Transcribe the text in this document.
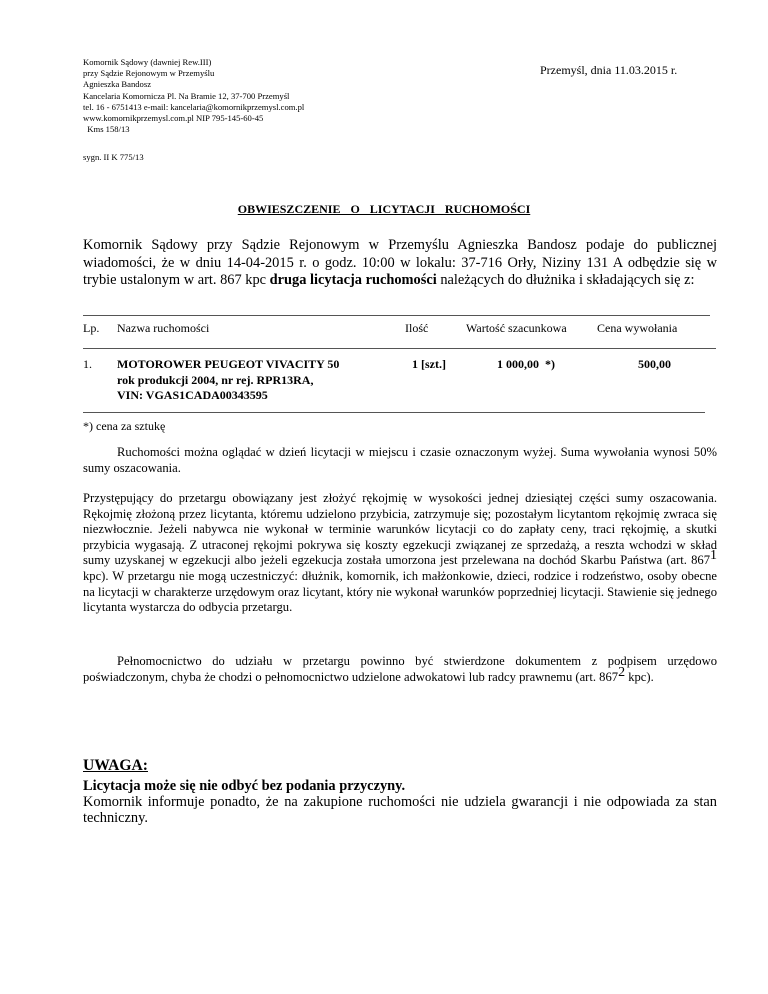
Komornik Sądowy (dawniej Rew.III)
przy Sądzie Rejonowym w Przemyślu
Agnieszka Bandosz
Kancelaria Komornicza Pl. Na Bramie 12, 37-700 Przemyśl
tel. 16 - 6751413 e-mail: kancelaria@komornikprzemysl.com.pl
www.komornikprzemysl.com.pl NIP 795-145-60-45
Kms 158/13
Przemyśl, dnia 11.03.2015 r.
sygn. II K 775/13
OBWIESZCZENIE  O  LICYTACJI  RUCHOMOŚCI
Komornik Sądowy przy Sądzie Rejonowym w Przemyślu Agnieszka Bandosz podaje do publicznej wiadomości, że w dniu 14-04-2015 r. o godz. 10:00 w lokalu: 37-716 Orły, Niziny 131 A odbędzie się w trybie ustalonym w art. 867 kpc druga licytacja ruchomości należących do dłużnika i składających się z:
Lp. Nazwa ruchomości	Ilość	Wartość szacunkowa	Cena wywołania
1. MOTOROWER PEUGEOT VIVACITY 50
rok produkcji 2004, nr rej. RPR13RA,
VIN: VGAS1CADA00343595
1 [szt.]	1 000,00  *)	500,00
*) cena za sztukę
Ruchomości można oglądać w dzień licytacji w miejscu i czasie oznaczonym wyżej. Suma wywołania wynosi 50% sumy oszacowania.
Przystępujący do przetargu obowiązany jest złożyć rękojmię w wysokości jednej dziesiątej części sumy oszacowania. Rękojmię złożoną przez licytanta, któremu udzielono przybicia, zatrzymuje się; pozostałym licytantom rękojmię zwraca się niezwłocznie. Jeżeli nabywca nie wykonał w terminie warunków licytacji co do zapłaty ceny, traci rękojmię, a skutki przybicia wygasają. Z utraconej rękojmi pokrywa się koszty egzekucji związanej ze sprzedażą, a reszta wchodzi w skład sumy uzyskanej w egzekucji albo jeżeli egzekucja została umorzona jest przelewana na dochód Skarbu Państwa (art. $867^1$ kpc). W przetargu nie mogą uczestniczyć: dłużnik, komornik, ich małżonkowie, dzieci, rodzice i rodzeństwo, osoby obecne na licytacji w charakterze urzędowym oraz licytant, który nie wykonał warunków poprzedniej licytacji. Stawienie się jednego licytanta wystarcza do odbycia przetargu.
Pełnomocnictwo do udziału w przetargu powinno być stwierdzone dokumentem z podpisem urzędowo poświadczonym, chyba że chodzi o pełnomocnictwo udzielone adwokatowi lub radcy prawnemu (art. $867^2$ kpc).
UWAGA:
Licytacja może się nie odbyć bez podania przyczyny.
Komornik informuje ponadto, że na zakupione ruchomości nie udziela gwarancji i nie odpowiada za stan techniczny.
